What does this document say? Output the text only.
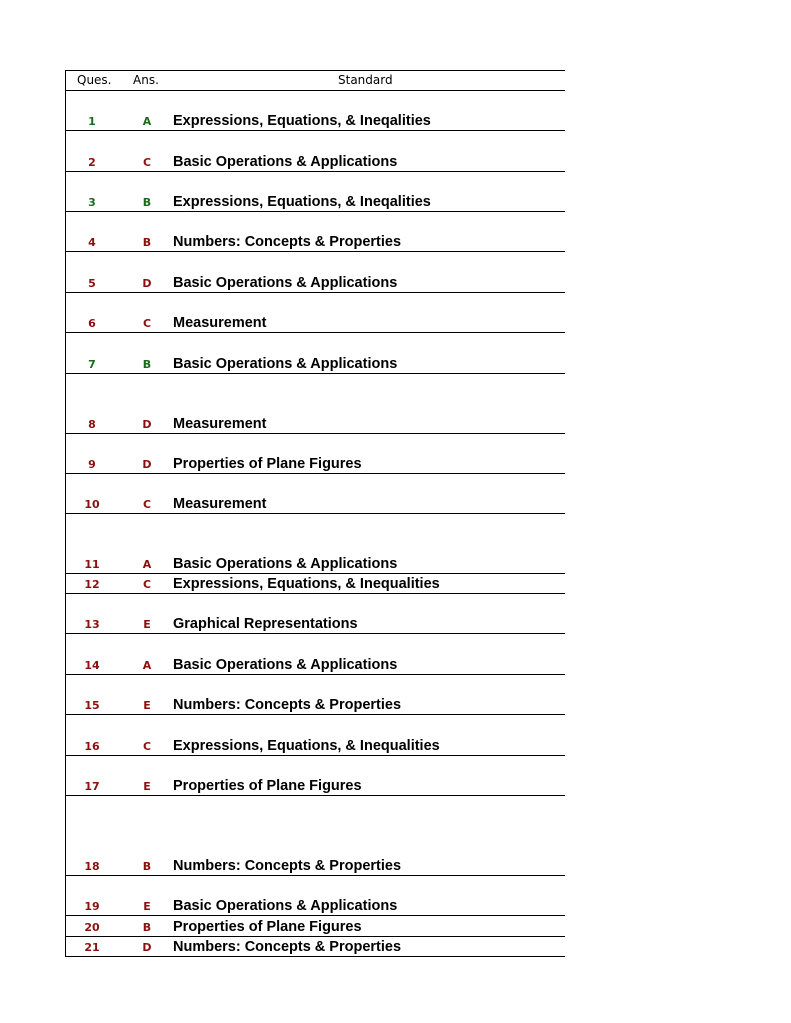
Ques. Ans.	Standard
1	A	Expressions, Equations, & Ineqalities
2	C	Basic Operations & Applications
3	B	Expressions, Equations, & Ineqalities
4	B	Numbers: Concepts & Properties
5	D	Basic Operations & Applications
6	C	Measurement
7	B	Basic Operations & Applications
8	D	Measurement
9	D	Properties of Plane Figures
10	C	Measurement
11	A	Basic Operations & Applications
12	C	Expressions, Equations, & Inequalities
13	E	Graphical Representations
14	A	Basic Operations & Applications
15	E	Numbers: Concepts & Properties
16	C	Expressions, Equations, & Inequalities
17	E	Properties of Plane Figures
18	B	Numbers: Concepts & Properties
19	E	Basic Operations & Applications
20	B	Properties of Plane Figures
21	D	Numbers: Concepts & Properties
